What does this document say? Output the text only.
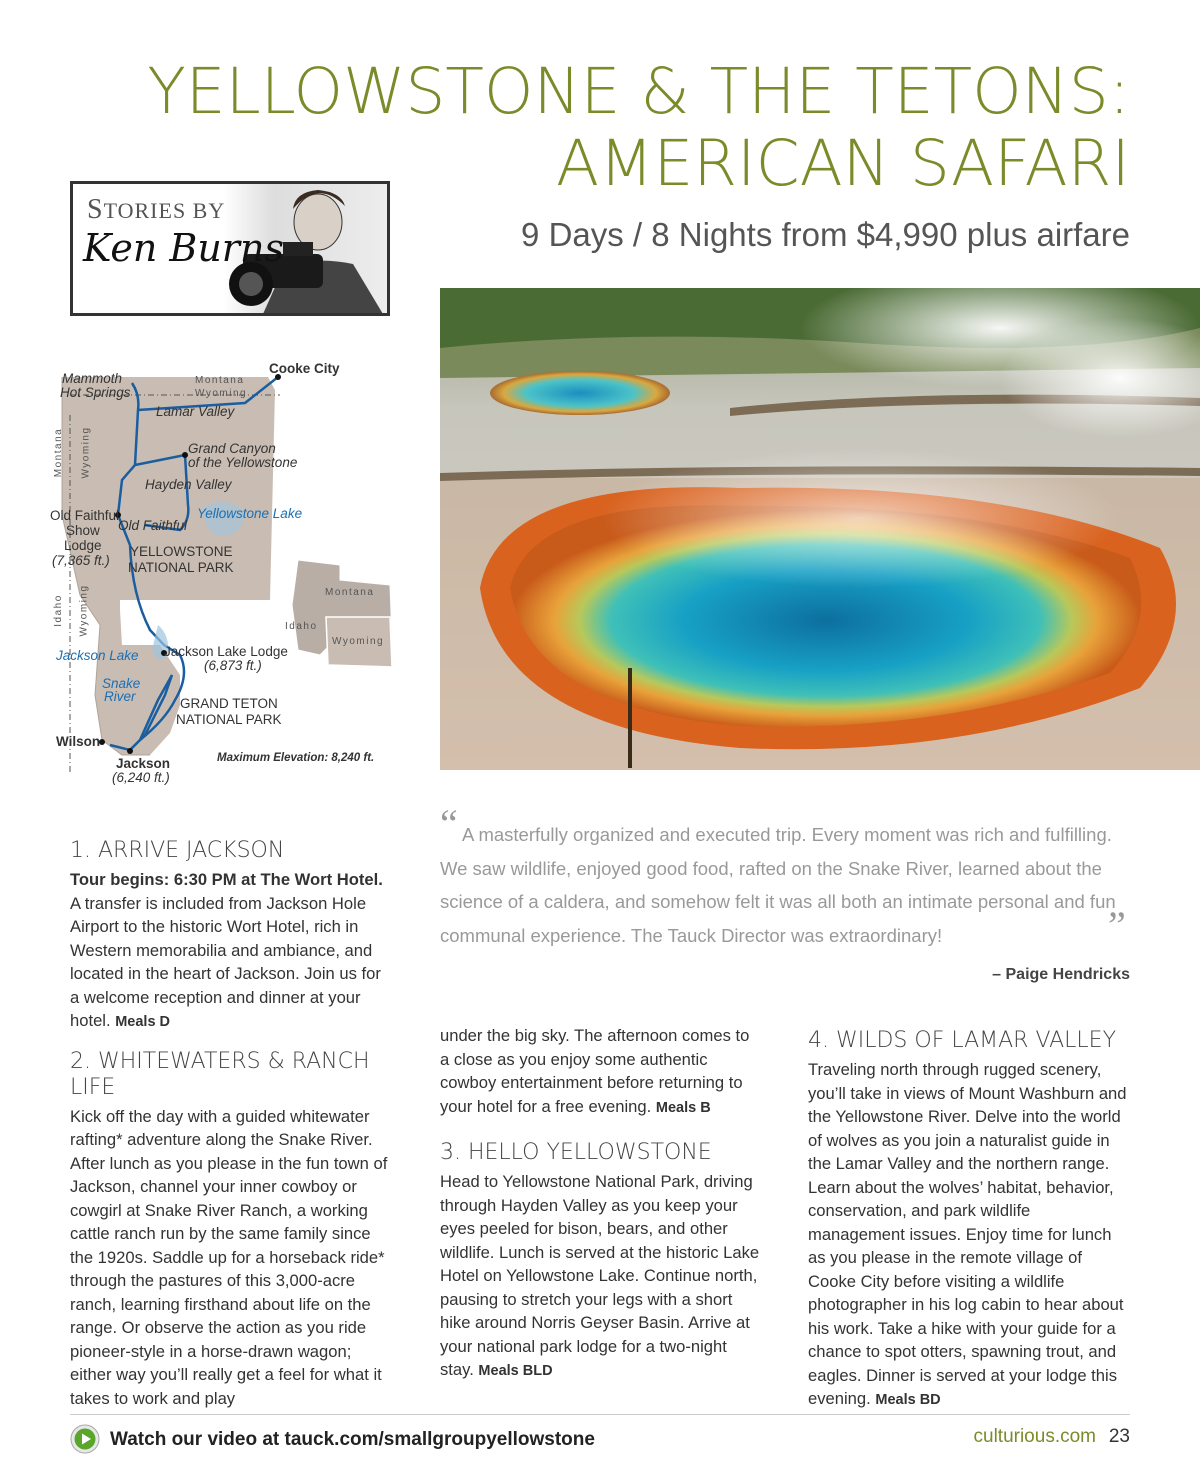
YELLOWSTONE & THE TETONS:
AMERICAN SAFARI
9 Days / 8 Nights from $4,990 plus airfare
STORIES BY
Ken Burns
Mammoth
Hot Springs
Cooke City
Montana
Wyoming
Lamar Valley
Grand Canyon
of the Yellowstone
Hayden Valley
Yellowstone Lake
Old Faithful
Show
Lodge
(7,365 ft.)
Old Faithful
YELLOWSTONE
NATIONAL PARK
Montana Wyoming
Idaho Wyoming
Jackson Lake Jackson Lake Lodge
(6,873 ft.)
Snake
River	GRAND TETON
NATIONAL PARK
Wilson
Jackson
(6,240 ft.)
Maximum Elevation: 8,240 ft.
Montana
Idaho
Wyoming
“ A masterfully organized and executed trip. Every moment was rich and fulfilling. We saw wildlife, enjoyed good food, rafted on the Snake River, learned about the science of a caldera, and somehow felt it was all both an intimate personal and fun communal experience. The Tauck Director was extraordinary!	”
– Paige Hendricks
1. ARRIVE JACKSON
Tour begins: 6:30 PM at The Wort Hotel. A transfer is included from Jackson Hole Airport to the historic Wort Hotel, rich in Western memorabilia and ambiance, and located in the heart of Jackson. Join us for a welcome reception and dinner at your hotel. Meals D
2. WHITEWATERS & RANCH LIFE
Kick off the day with a guided whitewater rafting* adventure along the Snake River. After lunch as you please in the fun town of Jackson, channel your inner cowboy or cowgirl at Snake River Ranch, a working cattle ranch run by the same family since the 1920s. Saddle up for a horseback ride* through the pastures of this 3,000-acre ranch, learning firsthand about life on the range. Or observe the action as you ride pioneer-style in a horse-drawn wagon; either way you’ll really get a feel for what it takes to work and play
under the big sky. The afternoon comes to a close as you enjoy some authentic cowboy entertainment before returning to your hotel for a free evening. Meals B
3. HELLO YELLOWSTONE
Head to Yellowstone National Park, driving through Hayden Valley as you keep your eyes peeled for bison, bears, and other wildlife. Lunch is served at the historic Lake Hotel on Yellowstone Lake. Continue north, pausing to stretch your legs with a short hike around Norris Geyser Basin. Arrive at your national park lodge for a two-night stay. Meals BLD
4. WILDS OF LAMAR VALLEY
Traveling north through rugged scenery, you’ll take in views of Mount Washburn and the Yellowstone River. Delve into the world of wolves as you join a naturalist guide in the Lamar Valley and the northern range. Learn about the wolves’ habitat, behavior, conservation, and park wildlife management issues. Enjoy time for lunch as you please in the remote village of Cooke City before visiting a wildlife photographer in his log cabin to hear about his work. Take a hike with your guide for a chance to spot otters, spawning trout, and eagles. Dinner is served at your lodge this evening. Meals BD
Watch our video at tauck.com/smallgroupyellowstone	culturious.com 23
